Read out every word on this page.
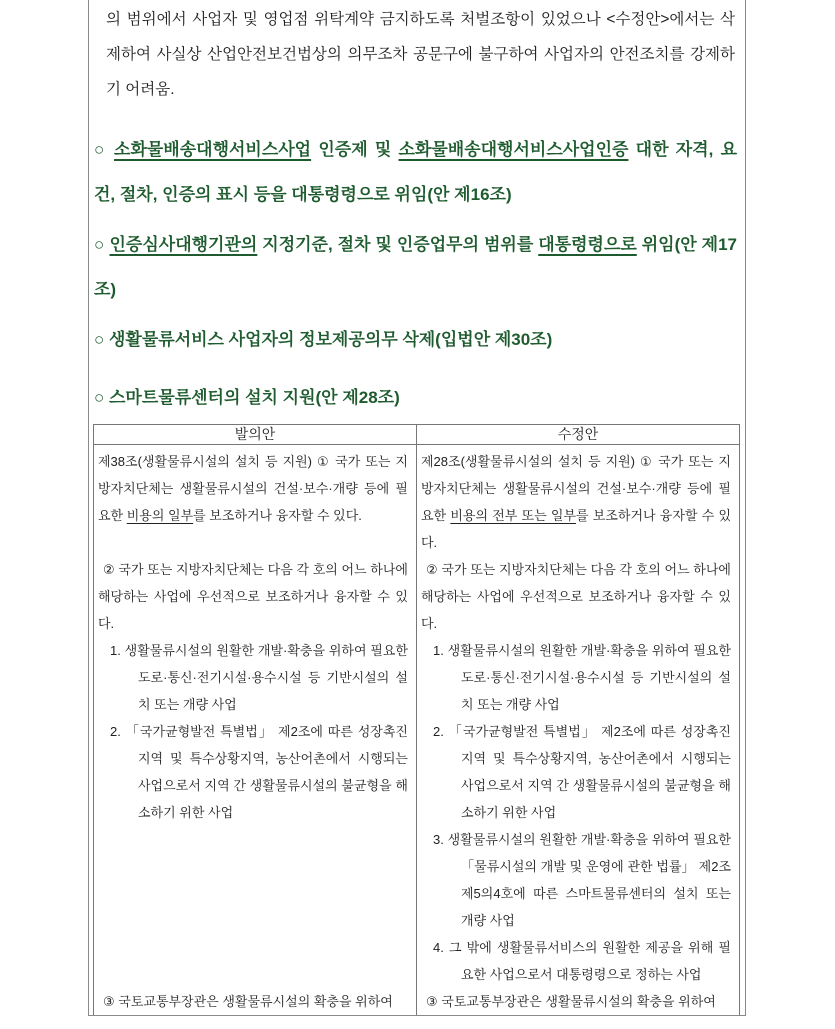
의 범위에서 사업자 및 영업점 위탁계약 금지하도록 처벌조항이 있었으나 <수정안>에서는 삭제하여 사실상 산업안전보건법상의 의무조차 공문구에 불구하여 사업자의 안전조치를 강제하기 어려움.

○ 소화물배송대행서비스사업 인증제 및 소화물배송대행서비스사업인증 대한 자격, 요건, 절차, 인증의 표시 등을 대통령령으로 위임(안 제16조)
○ 인증심사대행기관의 지정기준, 절차 및 인증업무의 범위를 대통령령으로 위임(안 제17조)
○ 생활물류서비스 사업자의 정보제공의무 삭제(입법안 제30조)
○ 스마트물류센터의 설치 지원(안 제28조)
발의안	수정안
제38조(생활물류시설의 설치 등 지원) ① 국가 또는 지방자치단체는 생활물류시설의 건설·보수·개량 등에 필요한 비용의 일부를 보조하거나 융자할 수 있다.
② 국가 또는 지방자치단체는 다음 각 호의 어느 하나에 해당하는 사업에 우선적으로 보조하거나 융자할 수 있다.
1. 생활물류시설의 원활한 개발·확충을 위하여 필요한 도로·통신·전기시설·용수시설 등 기반시설의 설치 또는 개량 사업
2. 「국가균형발전 특별법」 제2조에 따른 성장촉진 지역 및 특수상황지역, 농산어촌에서 시행되는 사업으로서 지역 간 생활물류시설의 불균형을 해소하기 위한 사업
③ 국토교통부장관은 생활물류시설의 확충을 위하여
제28조(생활물류시설의 설치 등 지원) ① 국가 또는 지방자치단체는 생활물류시설의 건설·보수·개량 등에 필요한 비용의 전부 또는 일부를 보조하거나 융자할 수 있다.
② 국가 또는 지방자치단체는 다음 각 호의 어느 하나에 해당하는 사업에 우선적으로 보조하거나 융자할 수 있다.
1. 생활물류시설의 원활한 개발·확충을 위하여 필요한 도로·통신·전기시설·용수시설 등 기반시설의 설치 또는 개량 사업
2. 「국가균형발전 특별법」 제2조에 따른 성장촉진 지역 및 특수상황지역, 농산어촌에서 시행되는 사업으로서 지역 간 생활물류시설의 불균형을 해소하기 위한 사업
3. 생활물류시설의 원활한 개발·확충을 위하여 필요한 「물류시설의 개발 및 운영에 관한 법률」 제2조제5의4호에 따른 스마트물류센터의 설치 또는 개량 사업
4. 그 밖에 생활물류서비스의 원활한 제공을 위해 필요한 사업으로서 대통령령으로 정하는 사업
③ 국토교통부장관은 생활물류시설의 확충을 위하여
